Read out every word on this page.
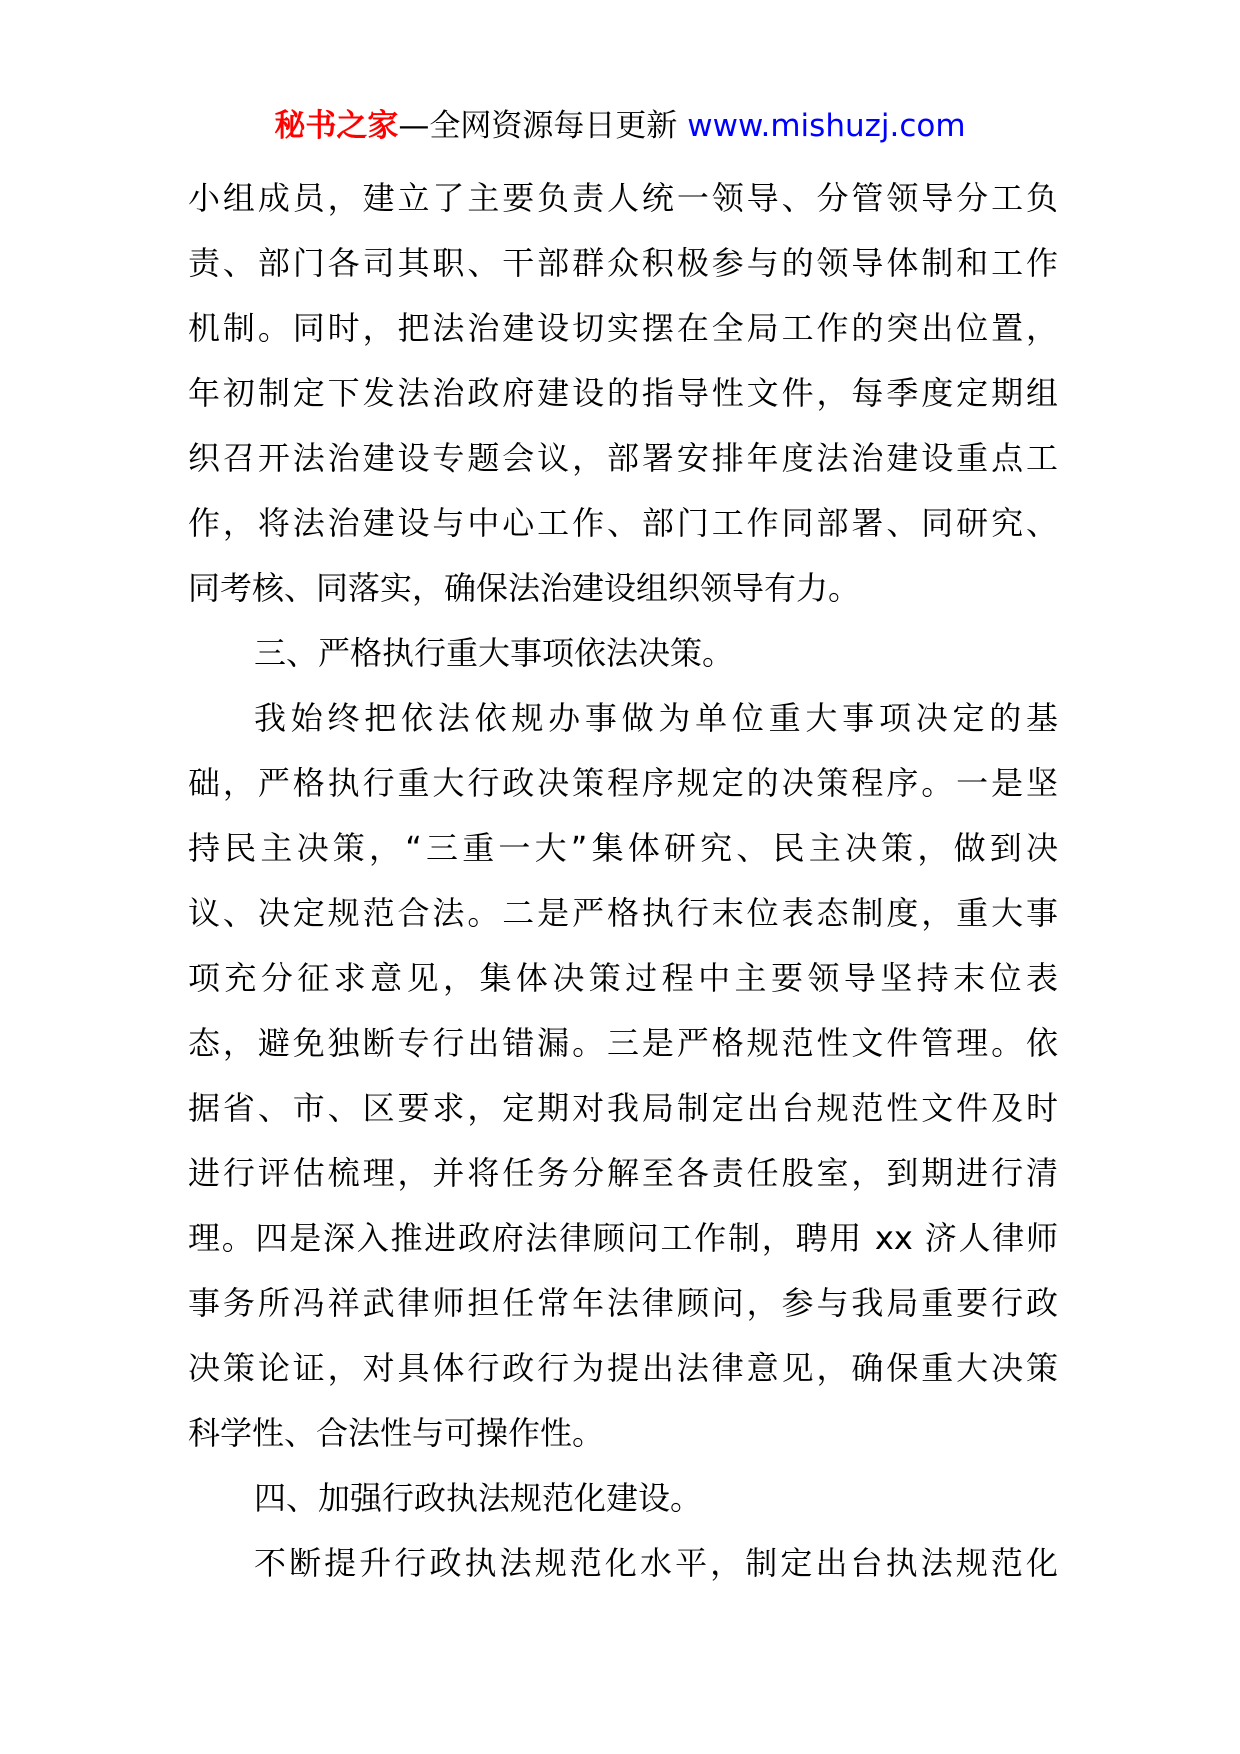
秘书之家—全网资源每日更新 www.mishuzj.com
小组成员，建立了主要负责人统一领导、分管领导分工负
责、部门各司其职、干部群众积极参与的领导体制和工作
机制。同时，把法治建设切实摆在全局工作的突出位置，
年初制定下发法治政府建设的指导性文件，每季度定期组
织召开法治建设专题会议，部署安排年度法治建设重点工
作，将法治建设与中心工作、部门工作同部署、同研究、
同考核、同落实，确保法治建设组织领导有力。
三、严格执行重大事项依法决策。
我始终把依法依规办事做为单位重大事项决定的基
础，严格执行重大行政决策程序规定的决策程序。一是坚
持民主决策，“三重一大”集体研究、民主决策，做到决
议、决定规范合法。二是严格执行末位表态制度，重大事
项充分征求意见，集体决策过程中主要领导坚持末位表
态，避免独断专行出错漏。三是严格规范性文件管理。依
据省、市、区要求，定期对我局制定出台规范性文件及时
进行评估梳理，并将任务分解至各责任股室，到期进行清
理。四是深入推进政府法律顾问工作制，聘用 xx 济人律师
事务所冯祥武律师担任常年法律顾问，参与我局重要行政
决策论证，对具体行政行为提出法律意见，确保重大决策
科学性、合法性与可操作性。
四、加强行政执法规范化建设。
不断提升行政执法规范化水平，制定出台执法规范化
